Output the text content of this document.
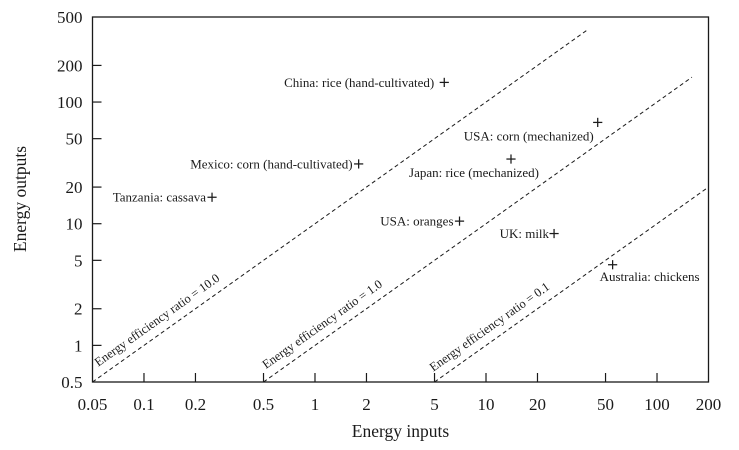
Energy efficiency ratio = 10.0	Energy efficiency ratio = 1.0	Energy efficiency ratio = 0.1
0.05 0.1 0.2	0.5 1	2	5 10 20	50 100 200
0.5
1
2
5
10
20
50
100
200
500
Tanzania: cassava
Mexico: corn (hand-cultivated)
China: rice (hand-cultivated)
USA: corn (mechanized)
Japan: rice (mechanized)
USA: oranges
UK: milk
Australia: chickens
Energy inputs
Energy outputs
